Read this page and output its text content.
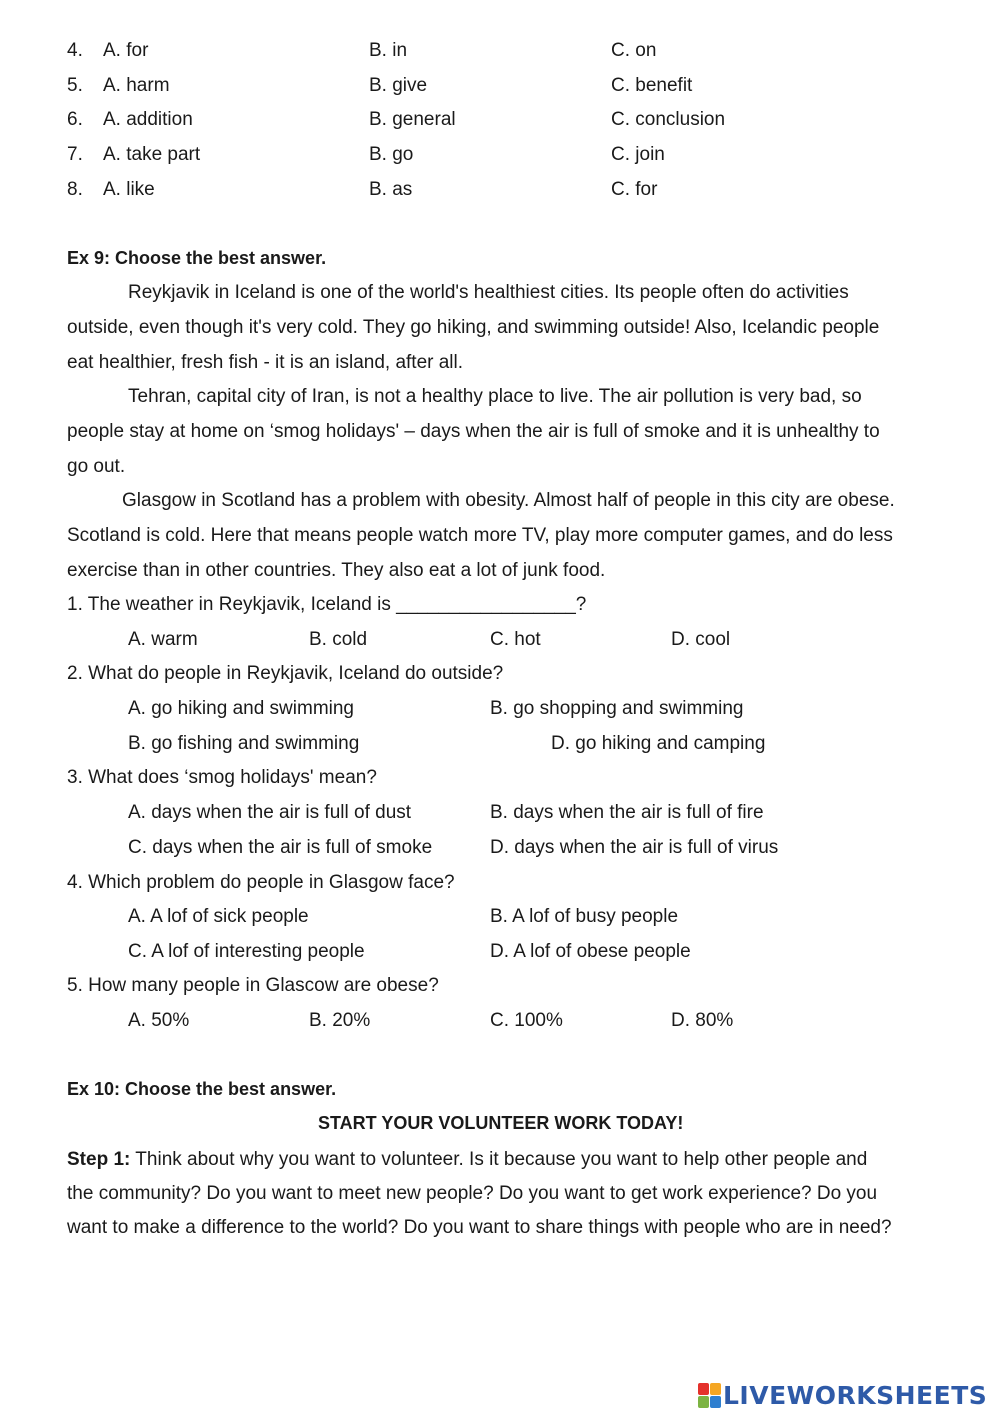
4. A. for	B. in	C. on
5. A. harm	B. give	C. benefit
6. A. addition	B. general	C. conclusion
7. A. take part	B. go	C. join
8. A. like	B. as	C. for
Ex 9: Choose the best answer.
Reykjavik in Iceland is one of the world's healthiest cities. Its people often do activities
outside, even though it's very cold. They go hiking, and swimming outside! Also, Icelandic people
eat healthier, fresh fish - it is an island, after all.
Tehran, capital city of Iran, is not a healthy place to live. The air pollution is very bad, so
people stay at home on ‘smog holidays' – days when the air is full of smoke and it is unhealthy to
go out.
Glasgow in Scotland has a problem with obesity. Almost half of people in this city are obese.
Scotland is cold. Here that means people watch more TV, play more computer games, and do less
exercise than in other countries. They also eat a lot of junk food.
1. The weather in Reykjavik, Iceland is _________________?
A. warm	B. cold	C. hot	D. cool
2. What do people in Reykjavik, Iceland do outside?
A. go hiking and swimming	B. go shopping and swimming
B. go fishing and swimming	D. go hiking and camping
3. What does ‘smog holidays' mean?
A. days when the air is full of dust	B. days when the air is full of fire
C. days when the air is full of smoke	D. days when the air is full of virus
4. Which problem do people in Glasgow face?
A. A lof of sick people	B. A lof of busy people
C. A lof of interesting people	D. A lof of obese people
5. How many people in Glascow are obese?
A. 50%	B. 20%	C. 100%	D. 80%
Ex 10: Choose the best answer.
START YOUR VOLUNTEER WORK TODAY!
Step 1: Think about why you want to volunteer. Is it because you want to help other people and
the community? Do you want to meet new people? Do you want to get work experience? Do you
want to make a difference to the world? Do you want to share things with people who are in need?
LIVEWORKSHEETS
